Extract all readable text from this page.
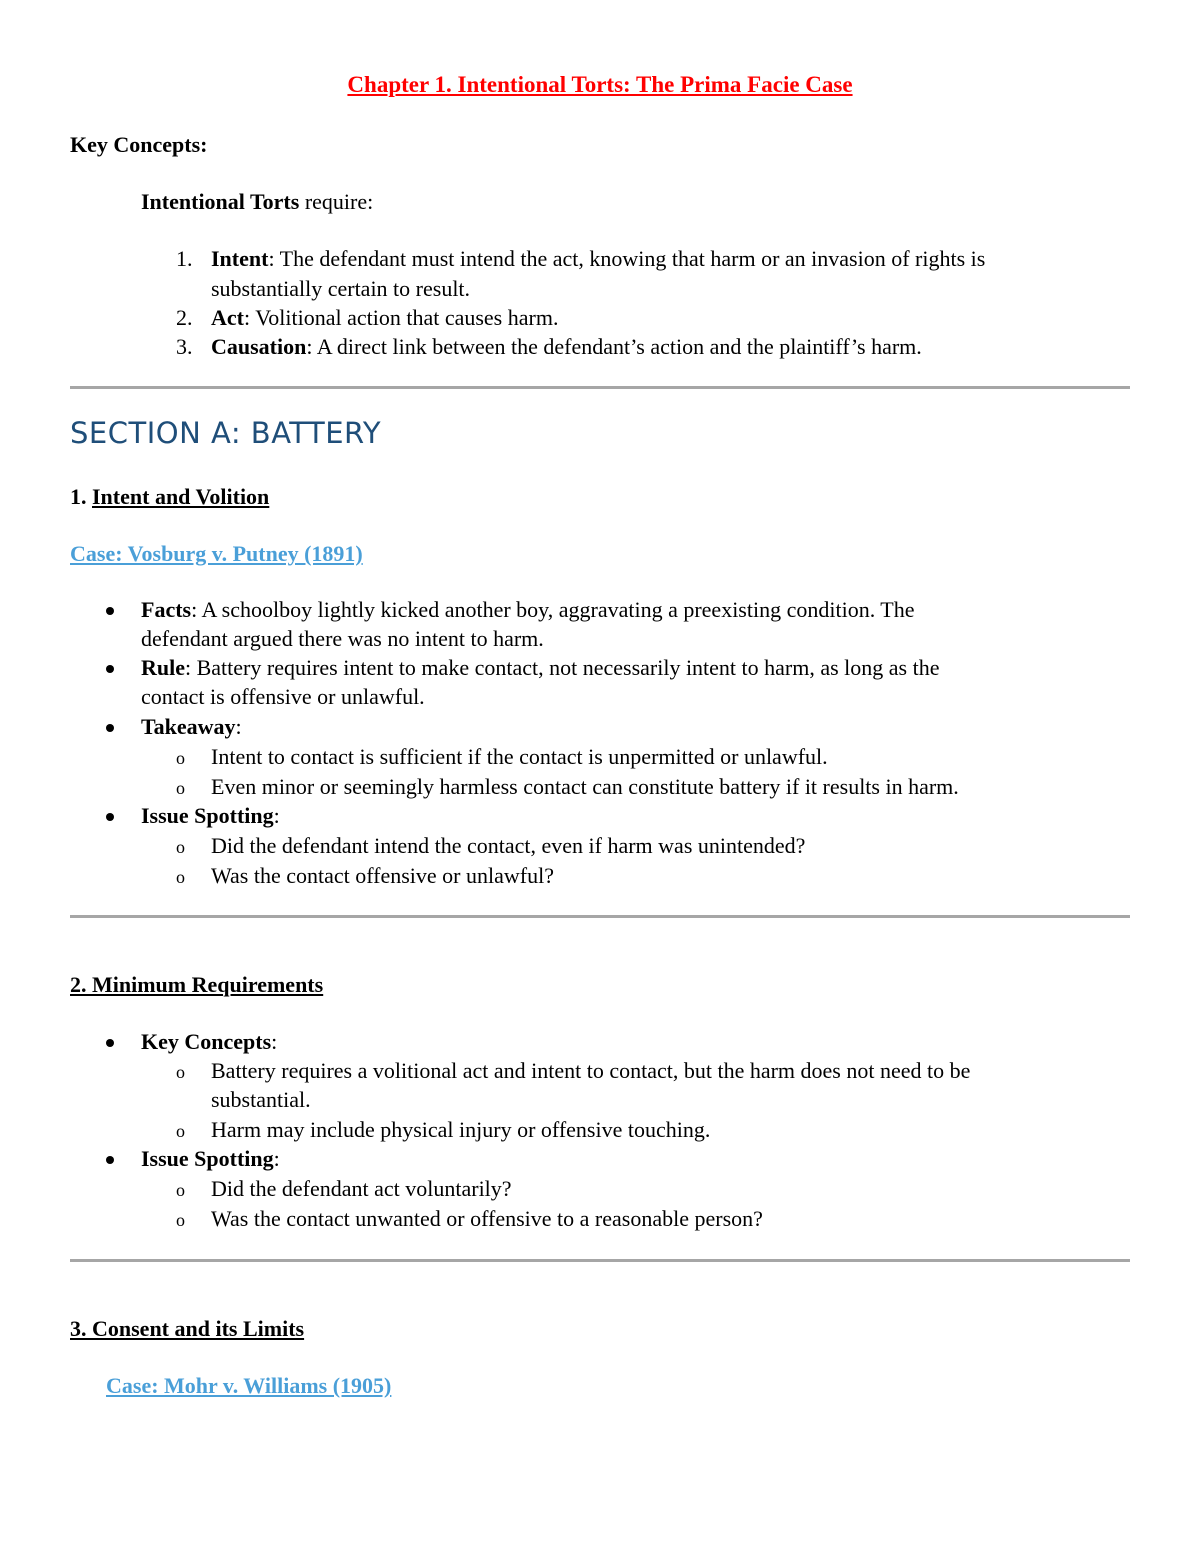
Chapter 1. Intentional Torts: The Prima Facie Case
Key Concepts:
Intentional Torts require:
1. Intent: The defendant must intend the act, knowing that harm or an invasion of rights is
substantially certain to result.
2. Act: Volitional action that causes harm.
3. Causation: A direct link between the defendant’s action and the plaintiff’s harm.
SECTION A: BATTERY
1. Intent and Volition
Case: Vosburg v. Putney (1891)
Facts: A schoolboy lightly kicked another boy, aggravating a preexisting condition. The
defendant argued there was no intent to harm.
Rule: Battery requires intent to make contact, not necessarily intent to harm, as long as the
contact is offensive or unlawful.
Takeaway:
o Intent to contact is sufficient if the contact is unpermitted or unlawful.
o Even minor or seemingly harmless contact can constitute battery if it results in harm.
Issue Spotting:
o Did the defendant intend the contact, even if harm was unintended?
o Was the contact offensive or unlawful?
2. Minimum Requirements
Key Concepts:
o Battery requires a volitional act and intent to contact, but the harm does not need to be
substantial.
o Harm may include physical injury or offensive touching.
Issue Spotting:
o Did the defendant act voluntarily?
o Was the contact unwanted or offensive to a reasonable person?
3. Consent and its Limits
Case: Mohr v. Williams (1905)
